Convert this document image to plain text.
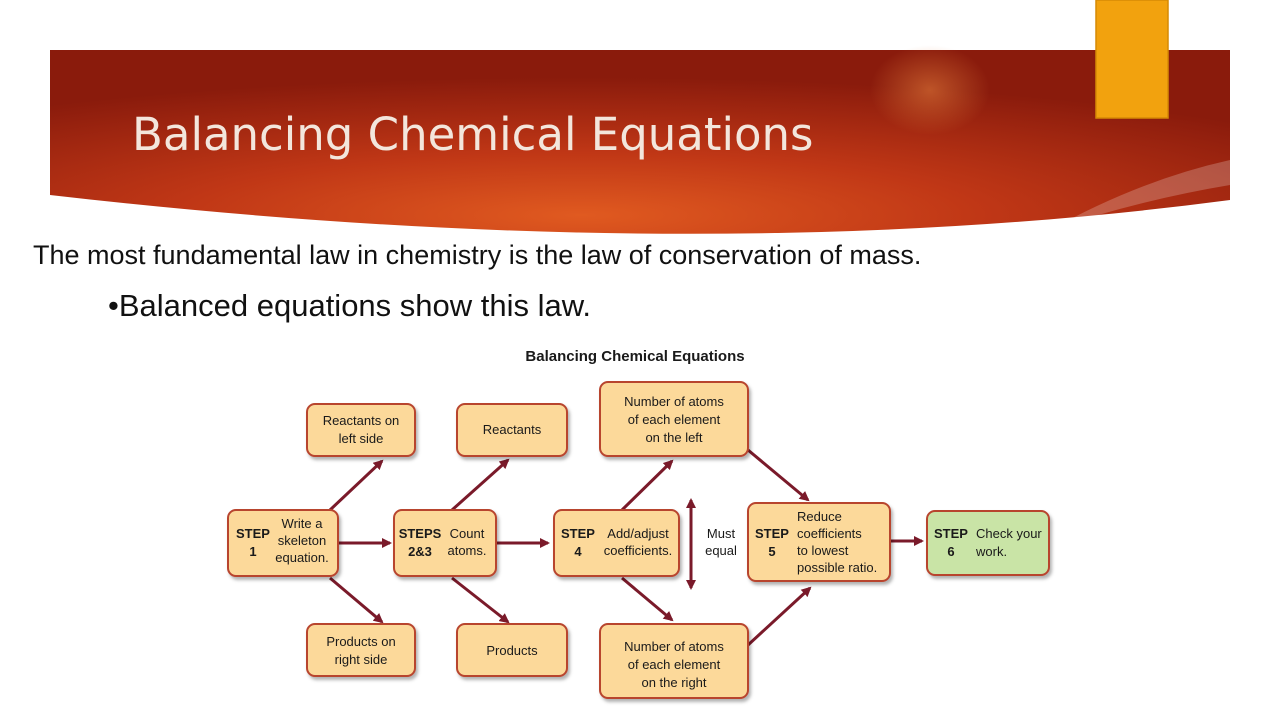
Balancing Chemical Equations
The most fundamental law in chemistry is the law of conservation of mass.
•Balanced equations show this law.
Balancing Chemical Equations
Reactants on left side
Products on right side
STEP 1
Write a skeleton equation.
Reactants
Products
STEPS 2&3
Count atoms.
STEP 4
Add/adjust coefficients.
Number of atoms of each element on the left
Number of atoms of each element on the right
Must equal
STEP 5
Reduce coefficients to lowest possible ratio.
STEP 6
Check your work.
